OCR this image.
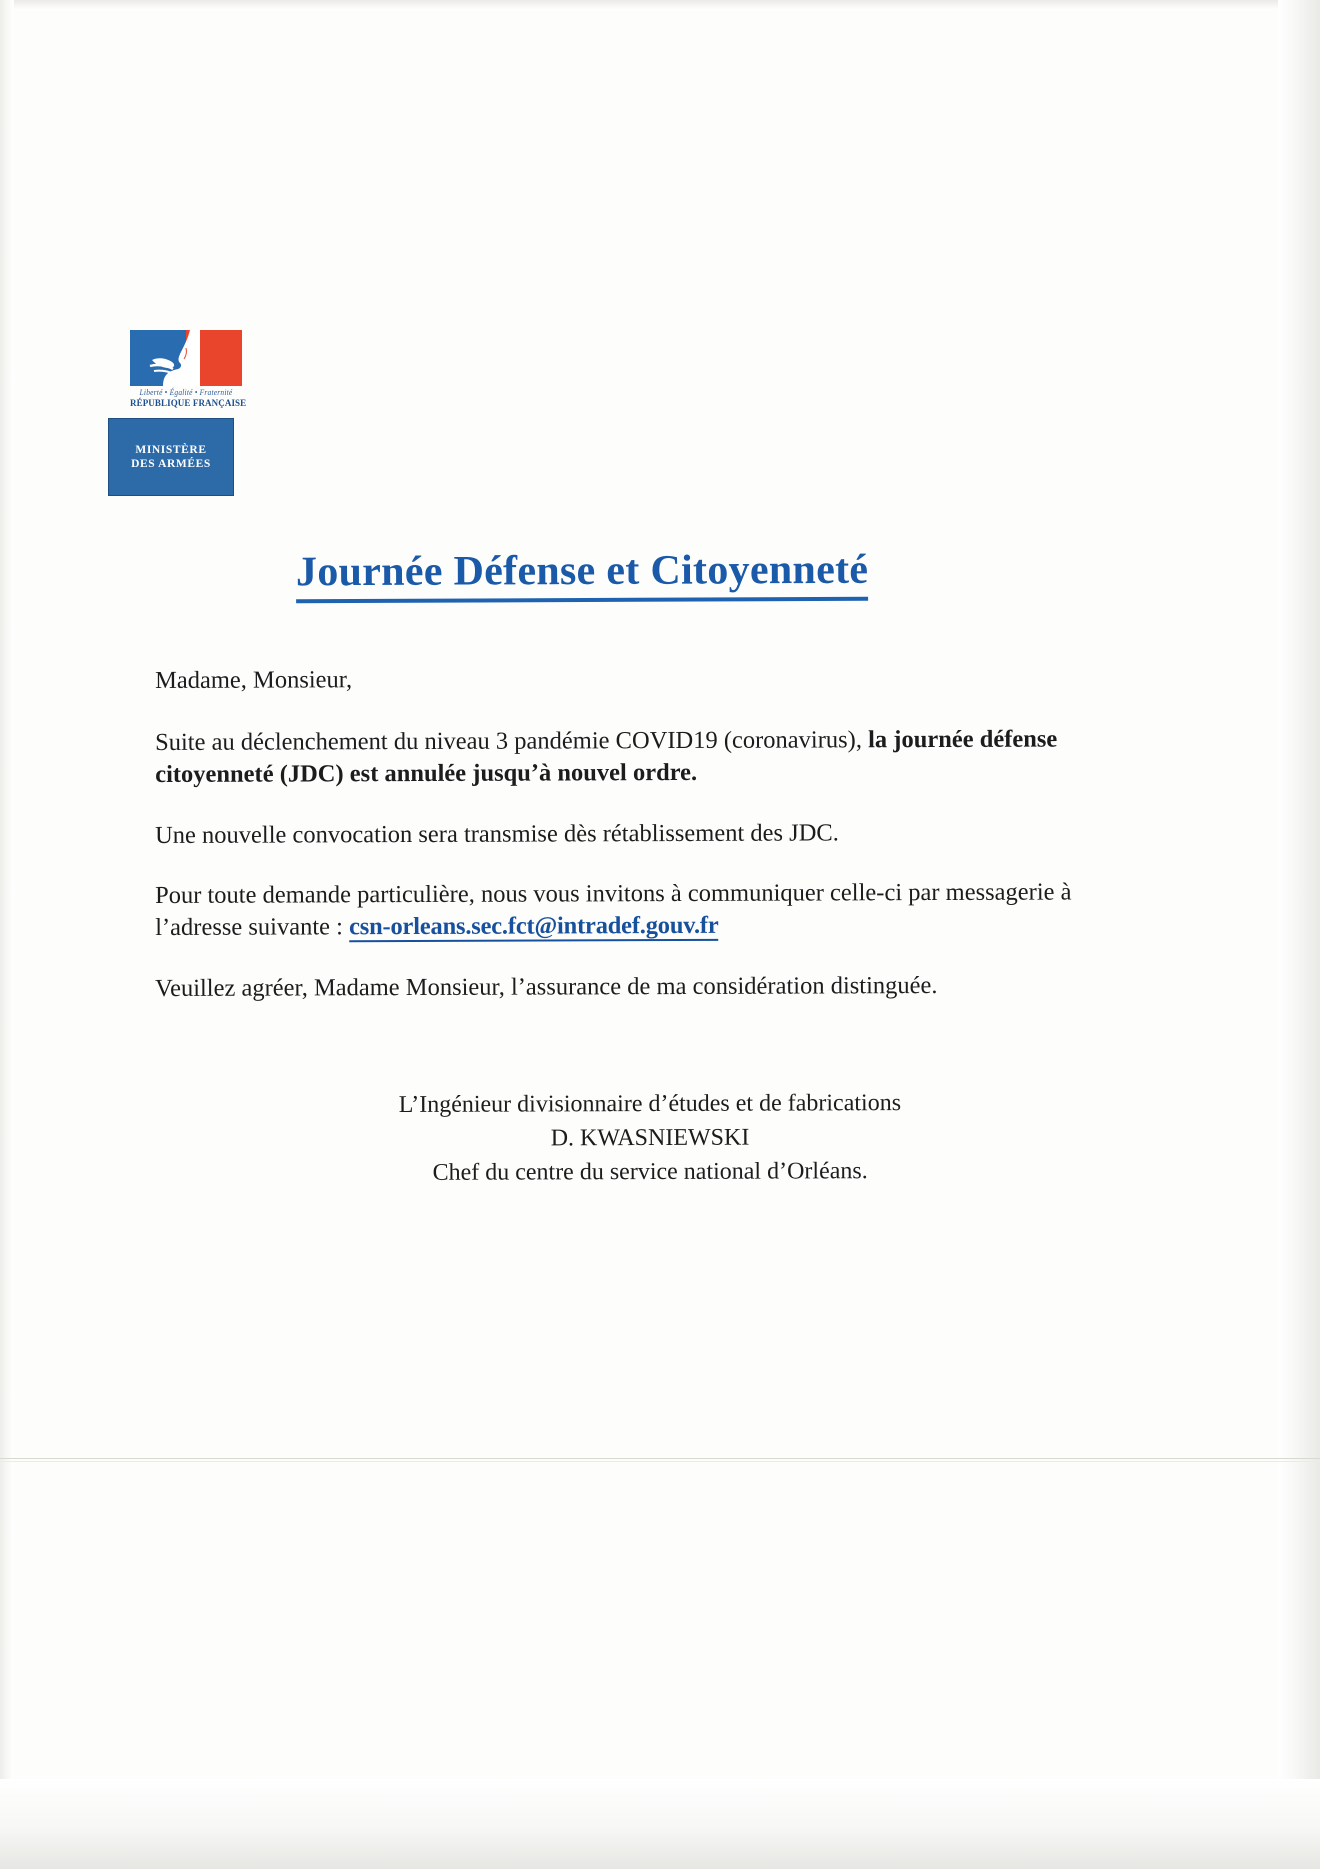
Liberté • Égalité • Fraternité
RÉPUBLIQUE FRANÇAISE
MINISTÈRE
DES ARMÉES
Journée Défense et Citoyenneté

Madame, Monsieur,

Suite au déclenchement du niveau 3 pandémie COVID19 (coronavirus), la journée défense citoyenneté (JDC) est annulée jusqu’à nouvel ordre.

Une nouvelle convocation sera transmise dès rétablissement des JDC.

Pour toute demande particulière, nous vous invitons à communiquer celle-ci par messagerie à l’adresse suivante : csn-orleans.sec.fct@intradef.gouv.fr

Veuillez agréer, Madame Monsieur, l’assurance de ma considération distinguée.

L’Ingénieur divisionnaire d’études et de fabrications
D. KWASNIEWSKI
Chef du centre du service national d’Orléans.
